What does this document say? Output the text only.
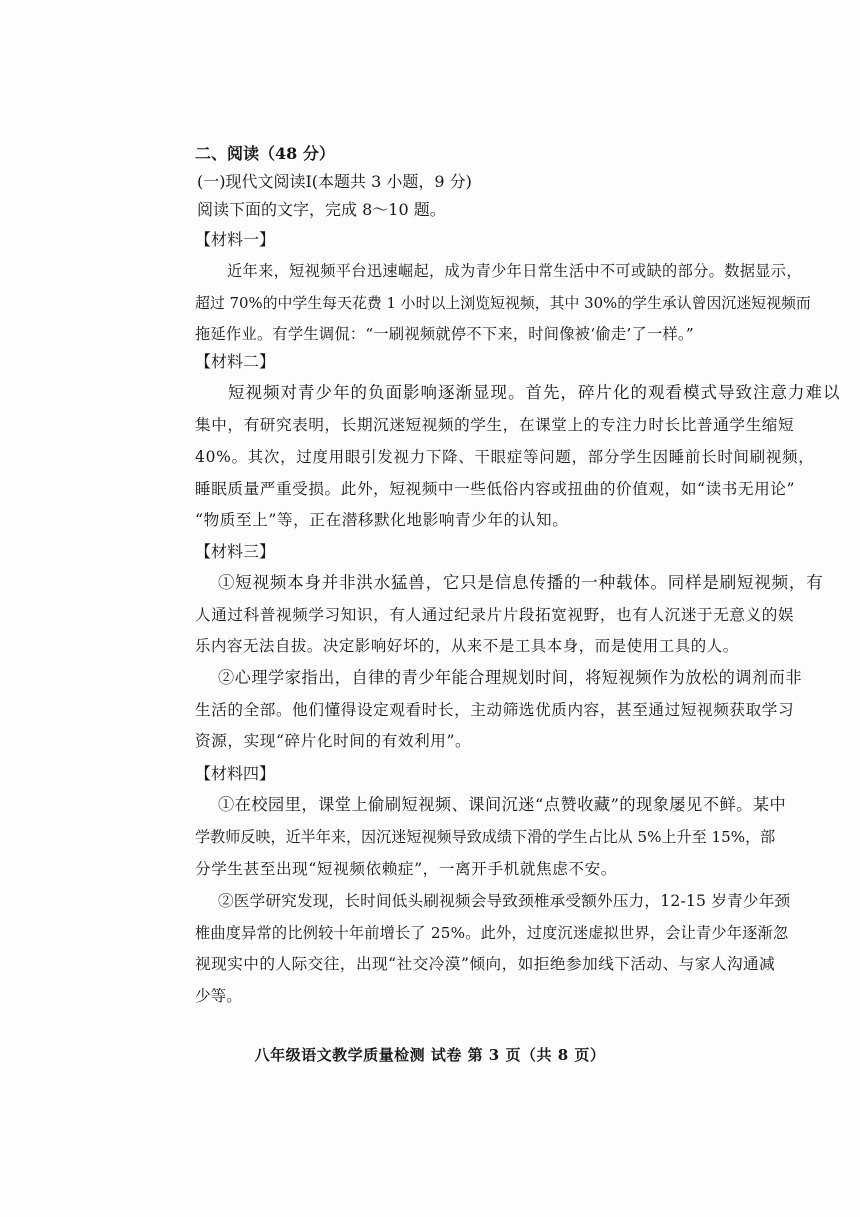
二、阅读（48 分）
(一)现代文阅读Ⅰ(本题共 3 小题，9 分)
阅读下面的文字，完成 8～10 题。
【材料一】
近年来，短视频平台迅速崛起，成为青少年日常生活中不可或缺的部分。数据显示，
超过 70%的中学生每天花费 1 小时以上浏览短视频，其中 30%的学生承认曾因沉迷短视频而
拖延作业。有学生调侃：“一刷视频就停不下来，时间像被‘偷走’了一样。”
【材料二】
短视频对青少年的负面影响逐渐显现。首先，碎片化的观看模式导致注意力难以
集中，有研究表明，长期沉迷短视频的学生，在课堂上的专注力时长比普通学生缩短
40%。其次，过度用眼引发视力下降、干眼症等问题，部分学生因睡前长时间刷视频，
睡眠质量严重受损。此外，短视频中一些低俗内容或扭曲的价值观，如“读书无用论”
“物质至上”等，正在潜移默化地影响青少年的认知。
【材料三】
①短视频本身并非洪水猛兽，它只是信息传播的一种载体。同样是刷短视频，有
人通过科普视频学习知识，有人通过纪录片片段拓宽视野，也有人沉迷于无意义的娱
乐内容无法自拔。决定影响好坏的，从来不是工具本身，而是使用工具的人。
②心理学家指出，自律的青少年能合理规划时间，将短视频作为放松的调剂而非
生活的全部。他们懂得设定观看时长，主动筛选优质内容，甚至通过短视频获取学习
资源，实现“碎片化时间的有效利用”。
【材料四】
①在校园里，课堂上偷刷短视频、课间沉迷“点赞收藏”的现象屡见不鲜。某中
学教师反映，近半年来，因沉迷短视频导致成绩下滑的学生占比从 5%上升至 15%，部
分学生甚至出现“短视频依赖症”，一离开手机就焦虑不安。
②医学研究发现，长时间低头刷视频会导致颈椎承受额外压力，12-15 岁青少年颈
椎曲度异常的比例较十年前增长了 25%。此外，过度沉迷虚拟世界，会让青少年逐渐忽
视现实中的人际交往，出现“社交冷漠”倾向，如拒绝参加线下活动、与家人沟通减
少等。
八年级语文教学质量检测 试卷 第 3 页（共 8 页）
